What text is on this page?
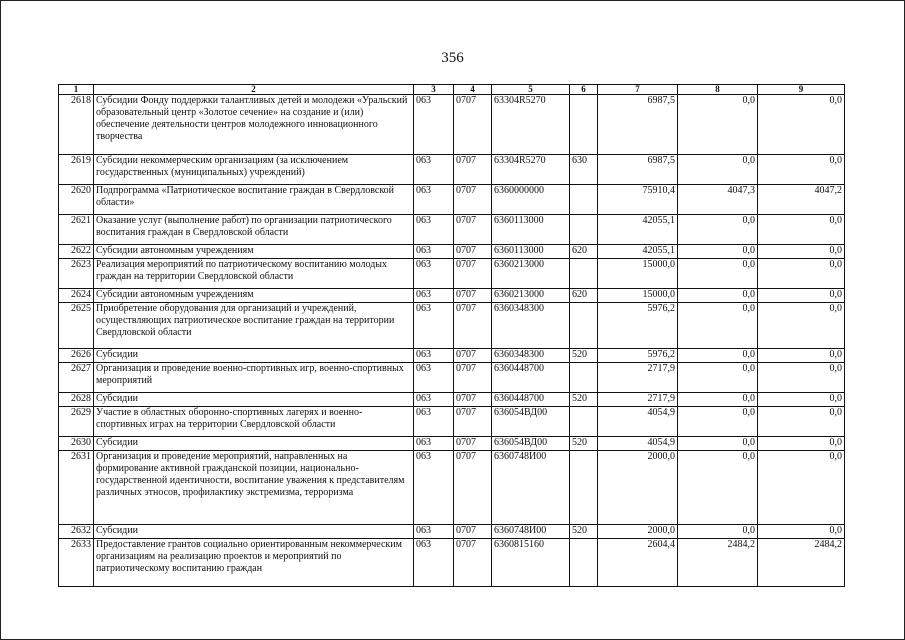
356
1	2	3	4	5	6	7	8	9
2618	Субсидии Фонду поддержки талантливых детей и молодежи «Уральский образовательный центр «Золотое сечение» на создание и (или) обеспечение деятельности центров молодежного инновационного творчества	063	0707	63304R5270		6987,5	0,0	0,0
2619	Субсидии некоммерческим организациям (за исключением государственных (муниципальных) учреждений)	063	0707	63304R5270	630	6987,5	0,0	0,0
2620	Подпрограмма «Патриотическое воспитание граждан в Свердловской области»	063	0707	6360000000		75910,4	4047,3	4047,2
2621	Оказание услуг (выполнение работ) по организации патриотического воспитания граждан в Свердловской области	063	0707	6360113000		42055,1	0,0	0,0
2622	Субсидии автономным учреждениям	063	0707	6360113000	620	42055,1	0,0	0,0
2623	Реализация мероприятий по патриотическому воспитанию молодых граждан на территории Свердловской области	063	0707	6360213000		15000,0	0,0	0,0
2624	Субсидии автономным учреждениям	063	0707	6360213000	620	15000,0	0,0	0,0
2625	Приобретение оборудования для организаций и учреждений, осуществляющих патриотическое воспитание граждан на территории Свердловской области	063	0707	6360348300		5976,2	0,0	0,0
2626	Субсидии	063	0707	6360348300	520	5976,2	0,0	0,0
2627	Организация и проведение военно-спортивных игр, военно-спортивных мероприятий	063	0707	6360448700		2717,9	0,0	0,0
2628	Субсидии	063	0707	6360448700	520	2717,9	0,0	0,0
2629	Участие в областных оборонно-спортивных лагерях и военно-спортивных играх на территории Свердловской области	063	0707	636054ВД00		4054,9	0,0	0,0
2630	Субсидии	063	0707	636054ВД00	520	4054,9	0,0	0,0
2631	Организация и проведение мероприятий, направленных на формирование активной гражданской позиции, национально-государственной идентичности, воспитание уважения к представителям различных этносов, профилактику экстремизма, терроризма	063	0707	6360748И00		2000,0	0,0	0,0
2632	Субсидии	063	0707	6360748И00	520	2000,0	0,0	0,0
2633	Предоставление грантов социально ориентированным некоммерческим организациям на реализацию проектов и мероприятий по патриотическому воспитанию граждан	063	0707	6360815160		2604,4	2484,2	2484,2
